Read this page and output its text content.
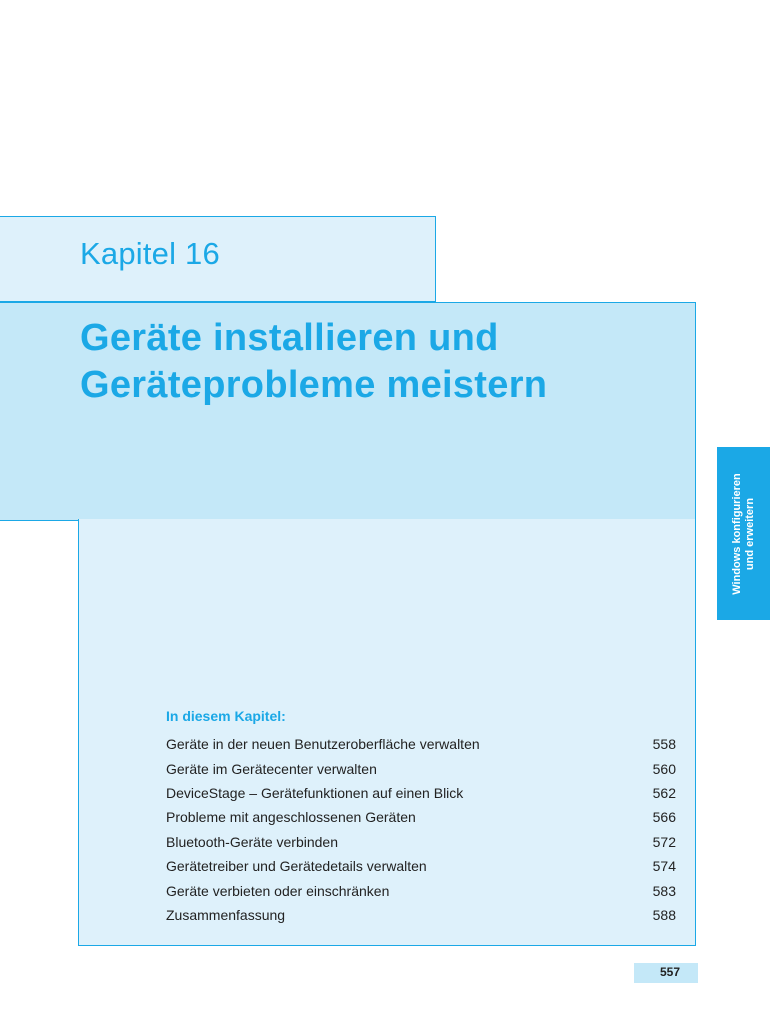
Kapitel 16
Geräte installieren und
Geräteprobleme meistern
In diesem Kapitel:
Geräte in der neuen Benutzeroberfläche verwalten	558
Geräte im Gerätecenter verwalten	560
DeviceStage – Gerätefunktionen auf einen Blick	562
Probleme mit angeschlossenen Geräten	566
Bluetooth-Geräte verbinden	572
Gerätetreiber und Gerätedetails verwalten	574
Geräte verbieten oder einschränken	583
Zusammenfassung	588
Windows konfigurieren und erweitern
557
